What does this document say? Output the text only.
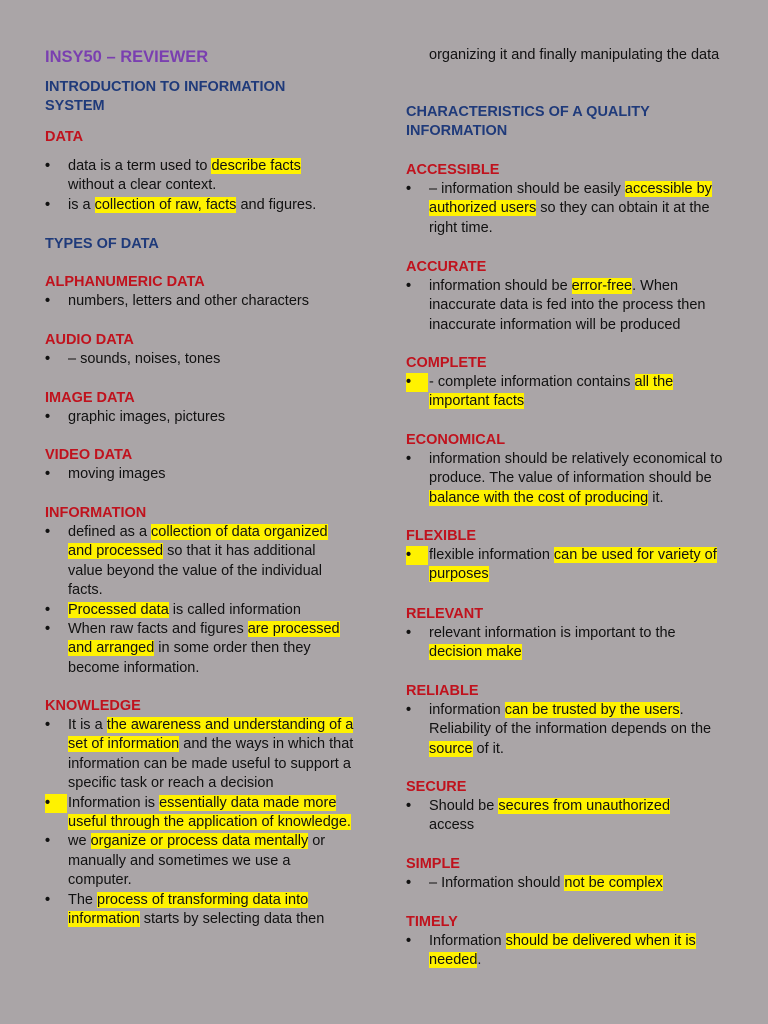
INSY50 – REVIEWER
INTRODUCTION TO INFORMATION SYSTEM
DATA
•	data is a term used to describe facts without a clear context.
•	is a collection of raw, facts and figures.
TYPES OF DATA
ALPHANUMERIC DATA
•	numbers, letters and other characters
AUDIO DATA
•	– sounds, noises, tones
IMAGE DATA
•	graphic images, pictures
VIDEO DATA
•	moving images
INFORMATION
•	defined as a collection of data organized and processed so that it has additional value beyond the value of the individual facts.
•	Processed data is called information
•	When raw facts and figures are processed and arranged in some order then they become information.
KNOWLEDGE
•	It is a the awareness and understanding of a set of information and the ways in which that information can be made useful to support a specific task or reach a decision
•	Information is essentially data made more useful through the application of knowledge.
•	we organize or process data mentally or manually and sometimes we use a computer.
•	The process of transforming data into information starts by selecting data then
organizing it and finally manipulating the data
CHARACTERISTICS OF A QUALITY INFORMATION
ACCESSIBLE
•	– information should be easily accessible by authorized users so they can obtain it at the right time.
ACCURATE
•	information should be error-free. When inaccurate data is fed into the process then inaccurate information will be produced
COMPLETE
•	- complete information contains all the important facts
ECONOMICAL
•	information should be relatively economical to produce. The value of information should be balance with the cost of producing it.
FLEXIBLE
•	flexible information can be used for variety of purposes
RELEVANT
•	relevant information is important to the decision make
RELIABLE
•	information can be trusted by the users. Reliability of the information depends on the source of it.
SECURE
•	Should be secures from unauthorized access
SIMPLE
•	– Information should not be complex
TIMELY
•	Information should be delivered when it is needed.
